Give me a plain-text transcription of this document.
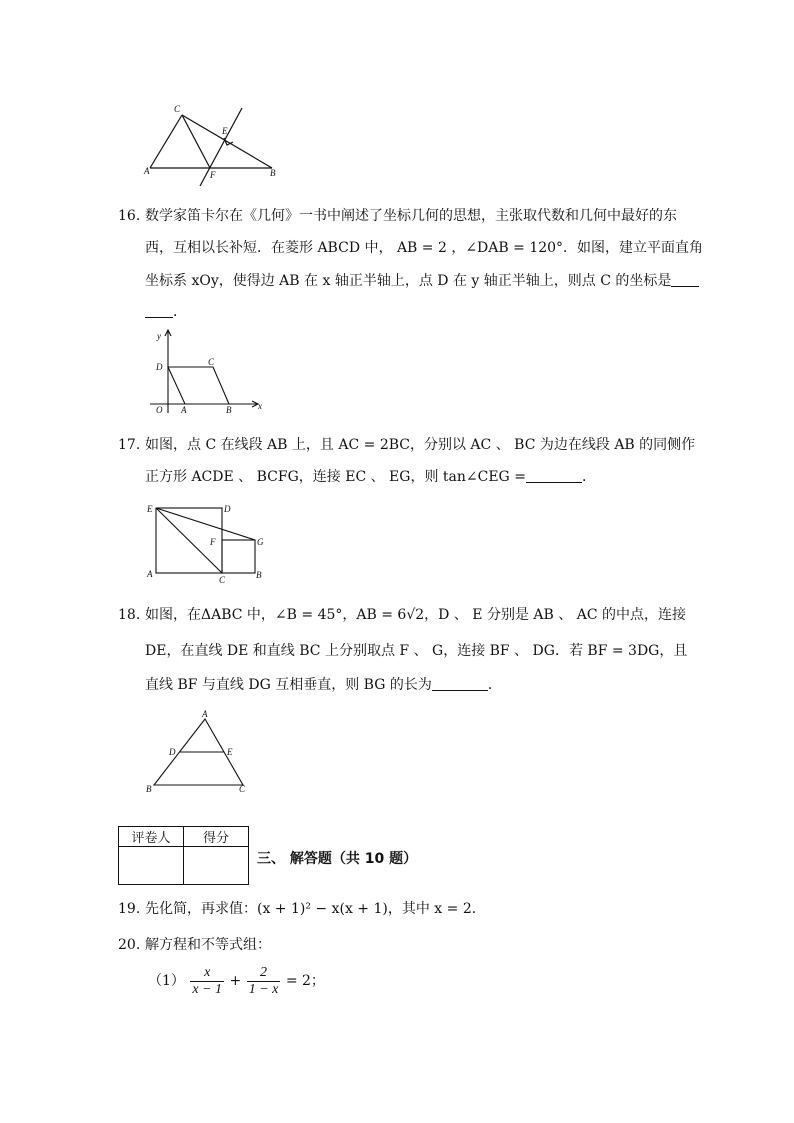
C
E
A	F	B
16. 数学家笛卡尔在《几何》一书中阐述了坐标几何的思想，主张取代数和几何中最好的东
西，互相以长补短．在菱形 ABCD 中， AB = 2 ，∠DAB = 120°．如图，建立平面直角
坐标系 xOy，使得边 AB 在 x 轴正半轴上，点 D 在 y 轴正半轴上，则点 C 的坐标是
．
y
x
D	C
O A	B
17. 如图，点 C 在线段 AB 上，且 AC = 2BC，分别以 AC 、 BC 为边在线段 AB 的同侧作
正方形 ACDE 、 BCFG，连接 EC 、 EG，则 tan∠CEG =	．
E	D
F	G
A
C	B
18. 如图，在ΔABC 中，∠B = 45°，AB = 6√2，D 、 E 分别是 AB 、 AC 的中点，连接
DE，在直线 DE 和直线 BC 上分别取点 F 、 G，连接 BF 、 DG．若 BF = 3DG，且
直线 BF 与直线 DG 互相垂直，则 BG 的长为	．
A
D	E
B	C
评卷人	得分

三、 解答题（共 10 题）
19. 先化简，再求值：(x + 1)² − x(x + 1)，其中 x = 2．
20. 解方程和不等式组：
$(1) \frac{x}{x - 1} + \frac{2}{1 - x} = 2$；
